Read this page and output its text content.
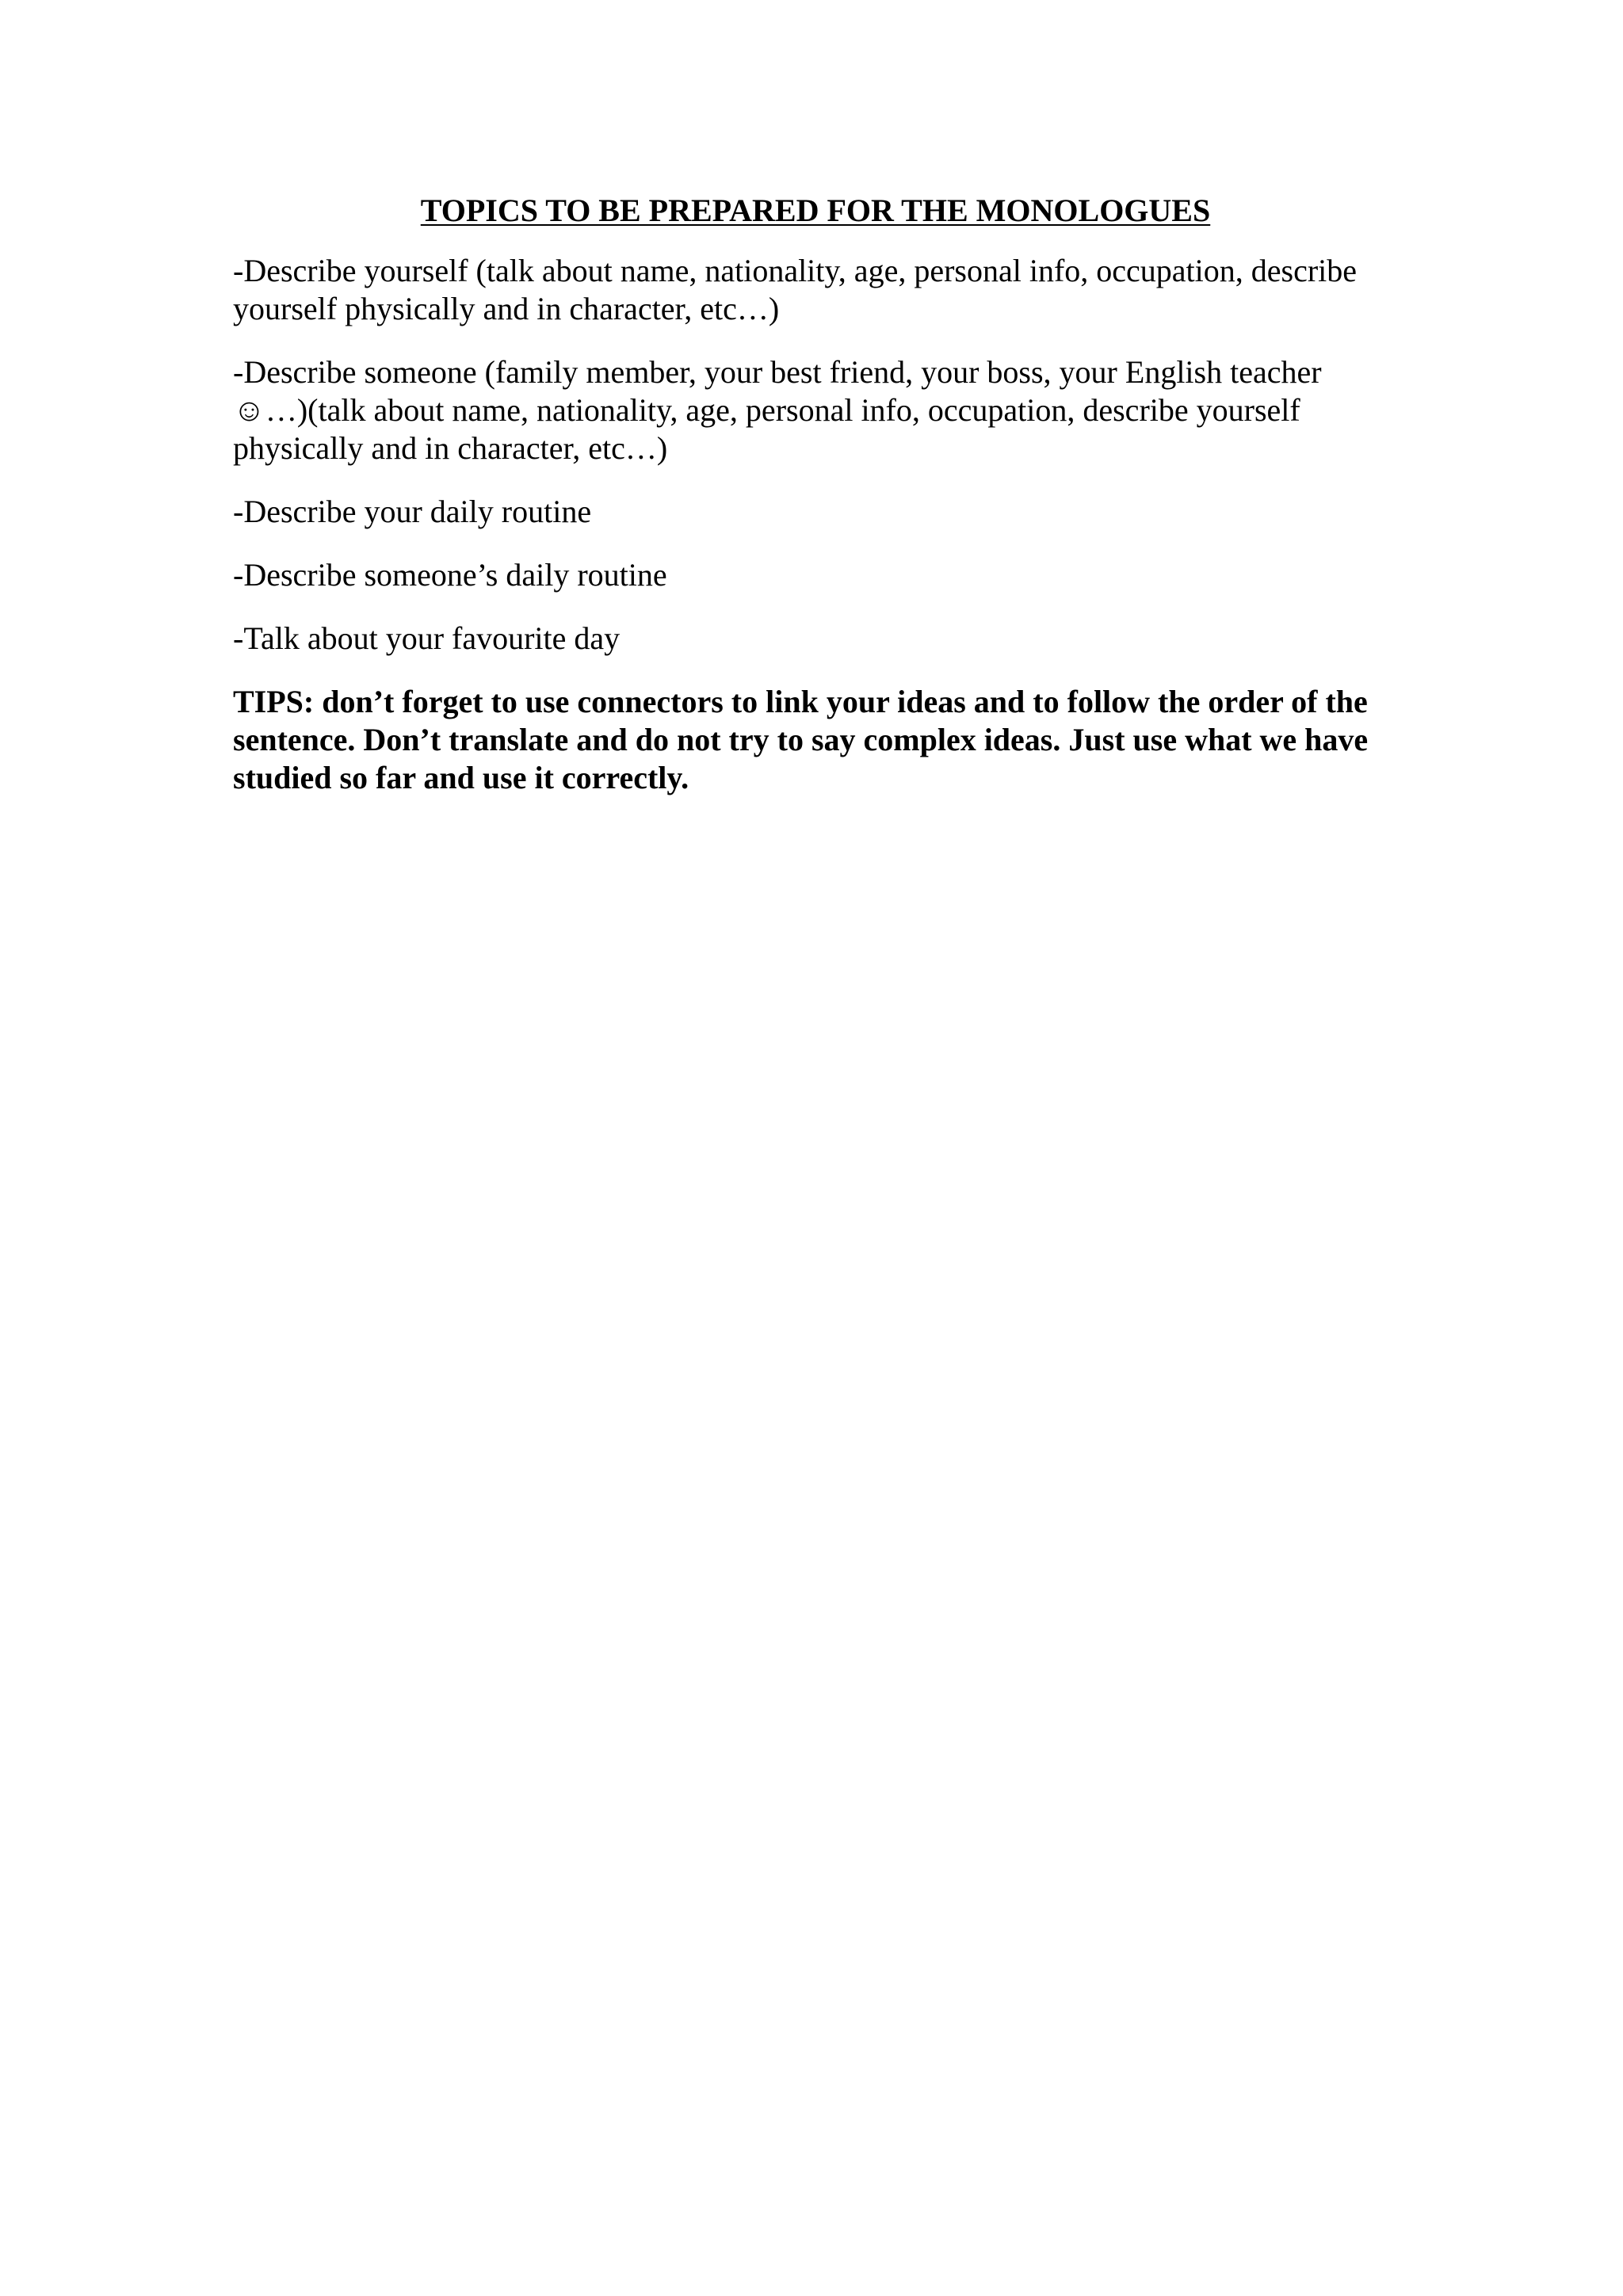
TOPICS TO BE PREPARED FOR THE MONOLOGUES

-Describe yourself (talk about name, nationality, age, personal info, occupation, describe yourself physically and in character, etc…)

-Describe someone (family member, your best friend, your boss, your English teacher ☺…)(talk about name, nationality, age, personal info, occupation, describe yourself physically and in character, etc…)

-Describe your daily routine

-Describe someone’s daily routine

-Talk about your favourite day

TIPS: don’t forget to use connectors to link your ideas and to follow the order of the sentence. Don’t translate and do not try to say complex ideas. Just use what we have studied so far and use it correctly.
